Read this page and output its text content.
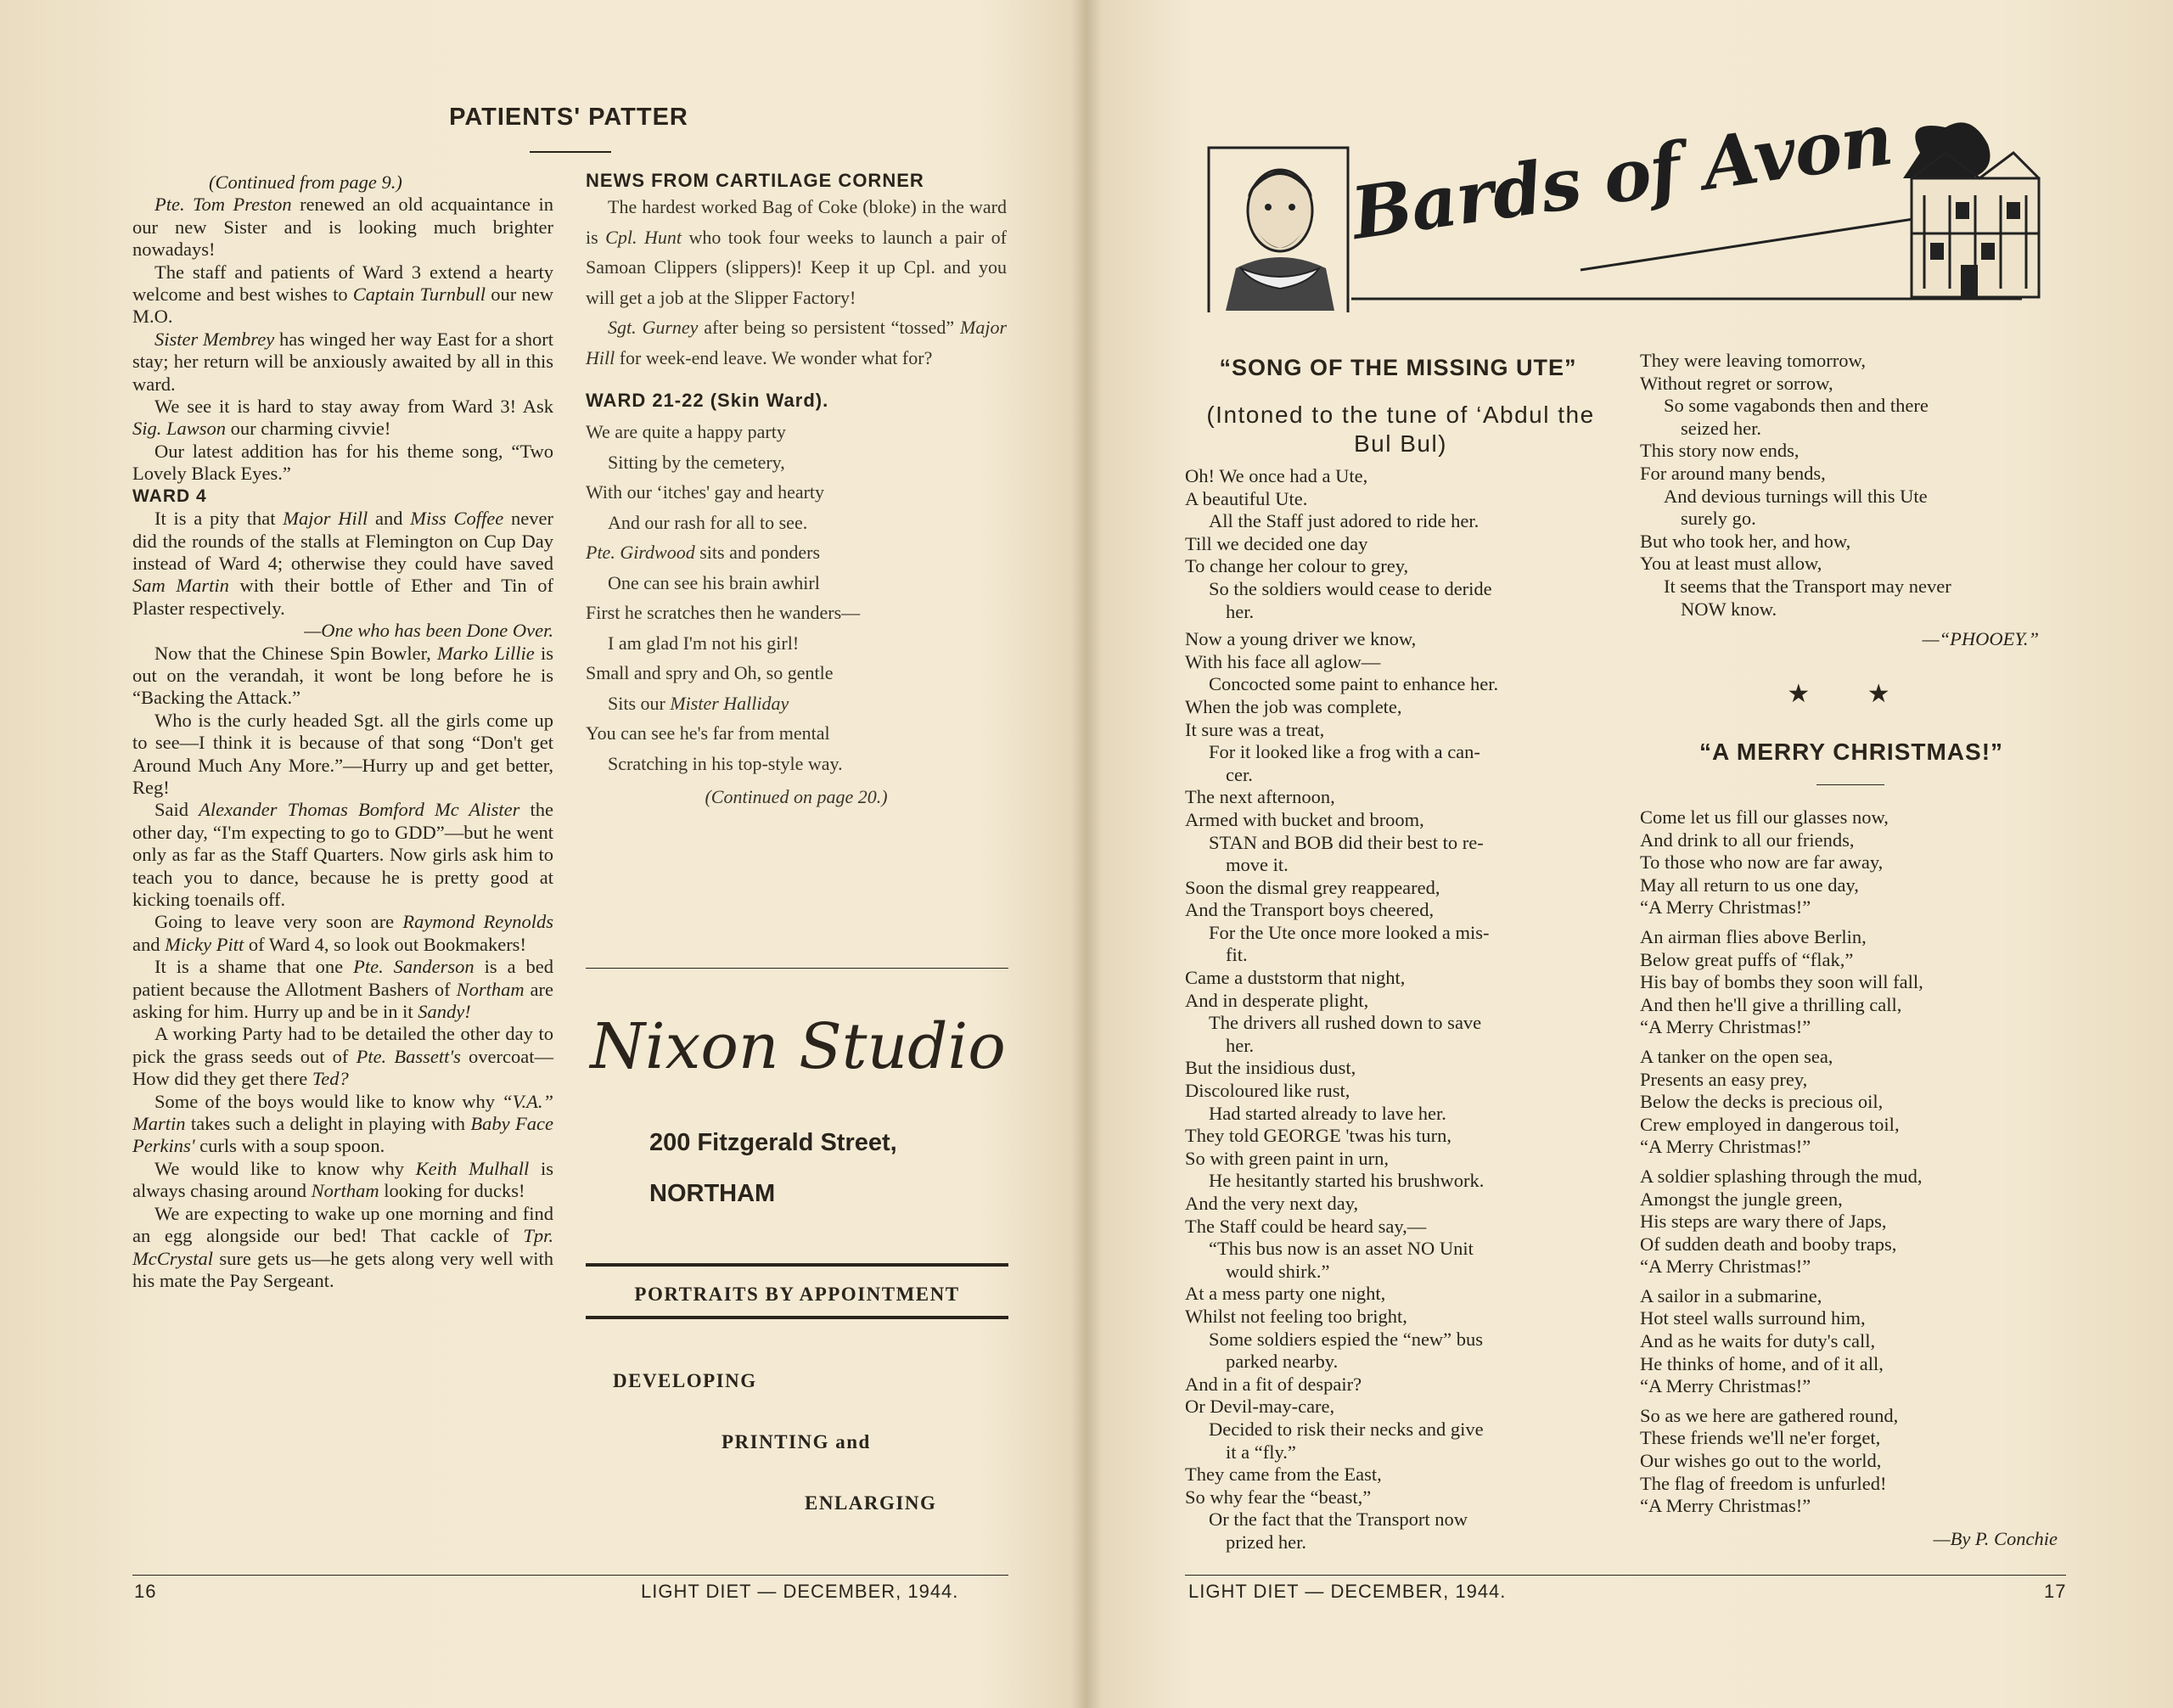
PATIENTS' PATTER

(Continued from page 9.)

Pte. Tom Preston renewed an old acquaintance in our new Sister and is looking much brighter nowadays!

The staff and patients of Ward 3 extend a hearty welcome and best wishes to Captain Turnbull our new M.O.

Sister Membrey has winged her way East for a short stay; her return will be anxiously awaited by all in this ward.

We see it is hard to stay away from Ward 3! Ask Sig. Lawson our charming civvie!

Our latest addition has for his theme song, “Two Lovely Black Eyes.”

WARD 4

It is a pity that Major Hill and Miss Coffee never did the rounds of the stalls at Flemington on Cup Day instead of Ward 4; otherwise they could have saved Sam Martin with their bottle of Ether and Tin of Plaster respectively.

—One who has been Done Over.

Now that the Chinese Spin Bowler, Marko Lillie is out on the verandah, it wont be long before he is “Backing the Attack.”

Who is the curly headed Sgt. all the girls come up to see—I think it is because of that song “Don't get Around Much Any More.”—Hurry up and get better, Reg!

Said Alexander Thomas Bomford Mc Alister the other day, “I'm expecting to go to GDD”—but he went only as far as the Staff Quarters. Now girls ask him to teach you to dance, because he is pretty good at kicking toenails off.

Going to leave very soon are Raymond Reynolds and Micky Pitt of Ward 4, so look out Bookmakers!

It is a shame that one Pte. Sanderson is a bed patient because the Allotment Bashers of Northam are asking for him. Hurry up and be in it Sandy!

A working Party had to be detailed the other day to pick the grass seeds out of Pte. Bassett's overcoat—How did they get there Ted?

Some of the boys would like to know why “V.A.” Martin takes such a delight in playing with Baby Face Perkins' curls with a soup spoon.

We would like to know why Keith Mulhall is always chasing around Northam looking for ducks!

We are expecting to wake up one morning and find an egg alongside our bed! That cackle of Tpr. McCrystal sure gets us—he gets along very well with his mate the Pay Sergeant.

NEWS FROM CARTILAGE CORNER

The hardest worked Bag of Coke (bloke) in the ward is Cpl. Hunt who took four weeks to launch a pair of Samoan Clippers (slippers)! Keep it up Cpl. and you will get a job at the Slipper Factory!

Sgt. Gurney after being so persistent “tossed” Major Hill for week-end leave. We wonder what for?

WARD 21-22 (Skin Ward).

We are quite a happy party

Sitting by the cemetery,

With our ‘itches' gay and hearty

And our rash for all to see.

Pte. Girdwood sits and ponders

One can see his brain awhirl

First he scratches then he wanders—

I am glad I'm not his girl!

Small and spry and Oh, so gentle

Sits our Mister Halliday

You can see he's far from mental

Scratching in his top-style way.

(Continued on page 20.)

Nixon Studio
200 Fitzgerald Street,
NORTHAM
PORTRAITS BY APPOINTMENT
DEVELOPING
PRINTING and
ENLARGING
16	LIGHT DIET — DECEMBER, 1944.
Bards of Avon

“SONG OF THE MISSING UTE”

(Intoned to the tune of ‘Abdul the Bul Bul)

Oh! We once had a Ute,

A beautiful Ute.

All the Staff just adored to ride her.

Till we decided one day

To change her colour to grey,

So the soldiers would cease to deride

her.

Now a young driver we know,

With his face all aglow—

Concocted some paint to enhance her.

When the job was complete,

It sure was a treat,

For it looked like a frog with a can-

cer.

The next afternoon,

Armed with bucket and broom,

STAN and BOB did their best to re-

move it.

Soon the dismal grey reappeared,

And the Transport boys cheered,

For the Ute once more looked a mis-

fit.

Came a duststorm that night,

And in desperate plight,

The drivers all rushed down to save

her.

But the insidious dust,

Discoloured like rust,

Had started already to lave her.

They told GEORGE 'twas his turn,

So with green paint in urn,

He hesitantly started his brushwork.

And the very next day,

The Staff could be heard say,—

“This bus now is an asset NO Unit

would shirk.”

At a mess party one night,

Whilst not feeling too bright,

Some soldiers espied the “new” bus

parked nearby.

And in a fit of despair?

Or Devil-may-care,

Decided to risk their necks and give

it a “fly.”

They came from the East,

So why fear the “beast,”

Or the fact that the Transport now

prized her.

They were leaving tomorrow,

Without regret or sorrow,

So some vagabonds then and there

seized her.

This story now ends,

For around many bends,

And devious turnings will this Ute

surely go.

But who took her, and how,

You at least must allow,

It seems that the Transport may never

NOW know.

—“PHOOEY.”

★ ★

“A MERRY CHRISTMAS!”

Come let us fill our glasses now,

And drink to all our friends,

To those who now are far away,

May all return to us one day,

“A Merry Christmas!”

An airman flies above Berlin,

Below great puffs of “flak,”

His bay of bombs they soon will fall,

And then he'll give a thrilling call,

“A Merry Christmas!”

A tanker on the open sea,

Presents an easy prey,

Below the decks is precious oil,

Crew employed in dangerous toil,

“A Merry Christmas!”

A soldier splashing through the mud,

Amongst the jungle green,

His steps are wary there of Japs,

Of sudden death and booby traps,

“A Merry Christmas!”

A sailor in a submarine,

Hot steel walls surround him,

And as he waits for duty's call,

He thinks of home, and of it all,

“A Merry Christmas!”

So as we here are gathered round,

These friends we'll ne'er forget,

Our wishes go out to the world,

The flag of freedom is unfurled!

“A Merry Christmas!”

—By P. Conchie

LIGHT DIET — DECEMBER, 1944.	17
